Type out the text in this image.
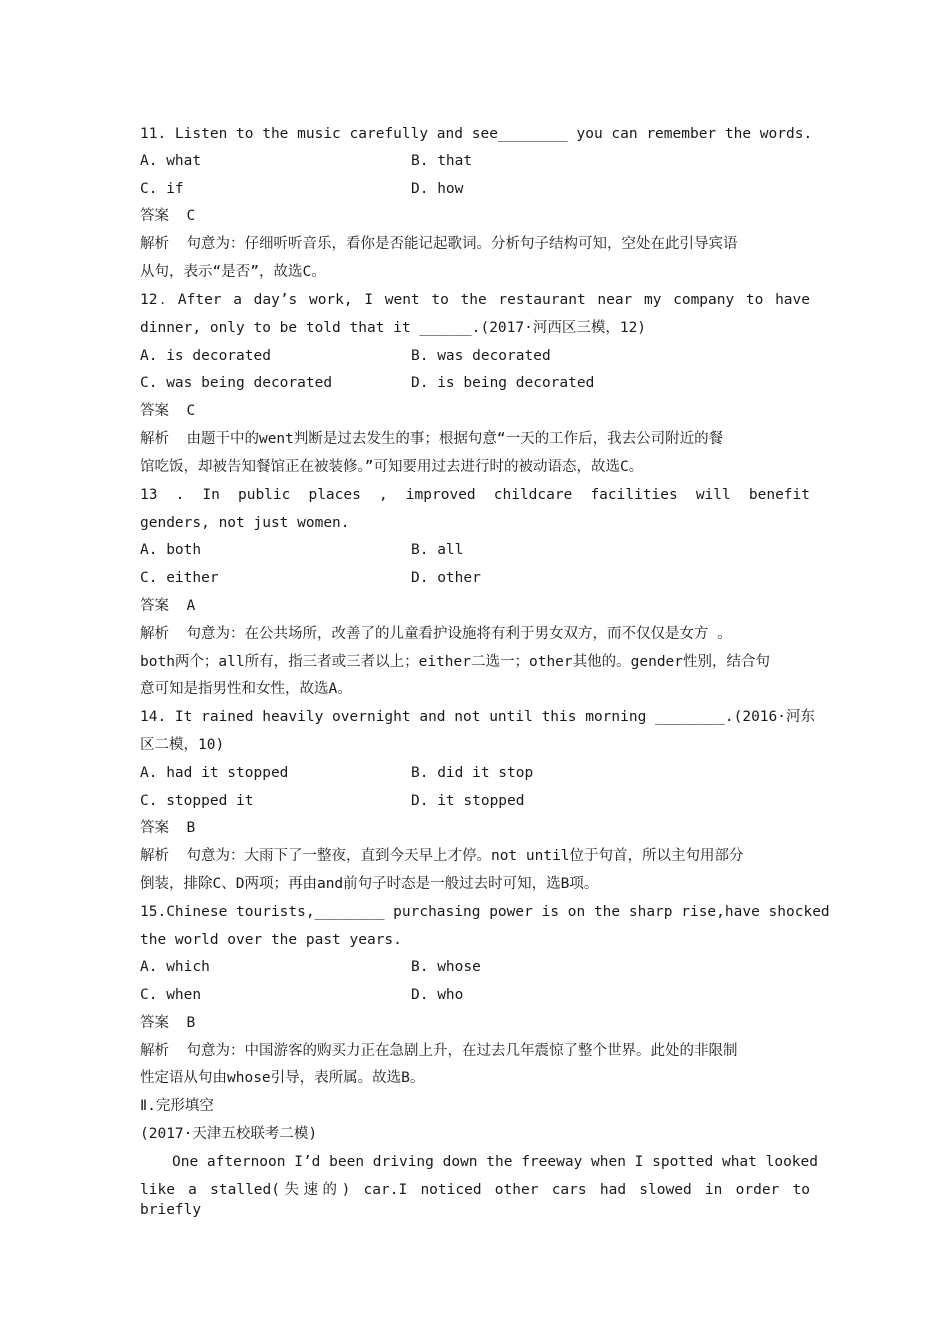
11. Listen to the music carefully and see________ you can remember the words.
A. what	B. that
C. if	D. how
答案 C
解析 句意为：仔细听听音乐，看你是否能记起歌词。分析句子结构可知，空处在此引导宾语
从句，表示“是否”，故选C。
12．After a day’s work, I went to the restaurant near my company to have
dinner, only to be told that it ______.(2017·河西区三模，12)
A. is decorated	B. was decorated
C. was being decorated	D. is being decorated
答案 C
解析 由题干中的went判断是过去发生的事；根据句意“一天的工作后，我去公司附近的餐
馆吃饭，却被告知餐馆正在被装修。”可知要用过去进行时的被动语态，故选C。
13 . In public places , improved childcare facilities will benefit
genders, not just women.
A. both	B. all
C. either	D. other
答案 A
解析 句意为：在公共场所，改善了的儿童看护设施将有利于男女双方，而不仅仅是女方 。
both两个；all所有，指三者或三者以上；either二选一；other其他的。gender性别，结合句
意可知是指男性和女性，故选A。
14. It rained heavily overnight and not until this morning ________.(2016·河东
区二模，10)
A. had it stopped	B. did it stop
C. stopped it	D. it stopped
答案 B
解析 句意为：大雨下了一整夜，直到今天早上才停。not until位于句首，所以主句用部分
倒装，排除C、D两项；再由and前句子时态是一般过去时可知，选B项。
15.Chinese tourists,________ purchasing power is on the sharp rise,have shocked
the world over the past years.
A. which	B. whose
C. when	D. who
答案 B
解析 句意为：中国游客的购买力正在急剧上升，在过去几年震惊了整个世界。此处的非限制
性定语从句由whose引导，表所属。故选B。
Ⅱ.完形填空
(2017·天津五校联考二模)
One afternoon I’d been driving down the freeway when I spotted what looked
like a stalled(失速的) car.I noticed other cars had slowed in order to briefly
